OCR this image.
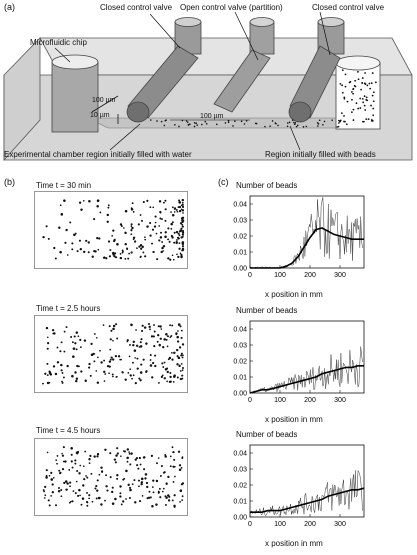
(a)	Closed control valve Open control valve (partition)	Closed control valve
Microfluidic chip
100 µm
10 µm	100 µm
Experimental chamber region initially filled with water	Region initially filled with beads
(b)	Time t = 30 min
Time t = 2.5 hours
Time t = 4.5 hours
(c) Number of beads
0.00
0.01
0.02
0.03
0.04
0	100	200	300
x position in mm
Number of beads
0.00
0.01
0.02
0.03
0.04
0	100	200	300
x position in mm
Number of beads
0.00
0.01
0.02
0.03
0.04
0	100	200	300
x position in mm
